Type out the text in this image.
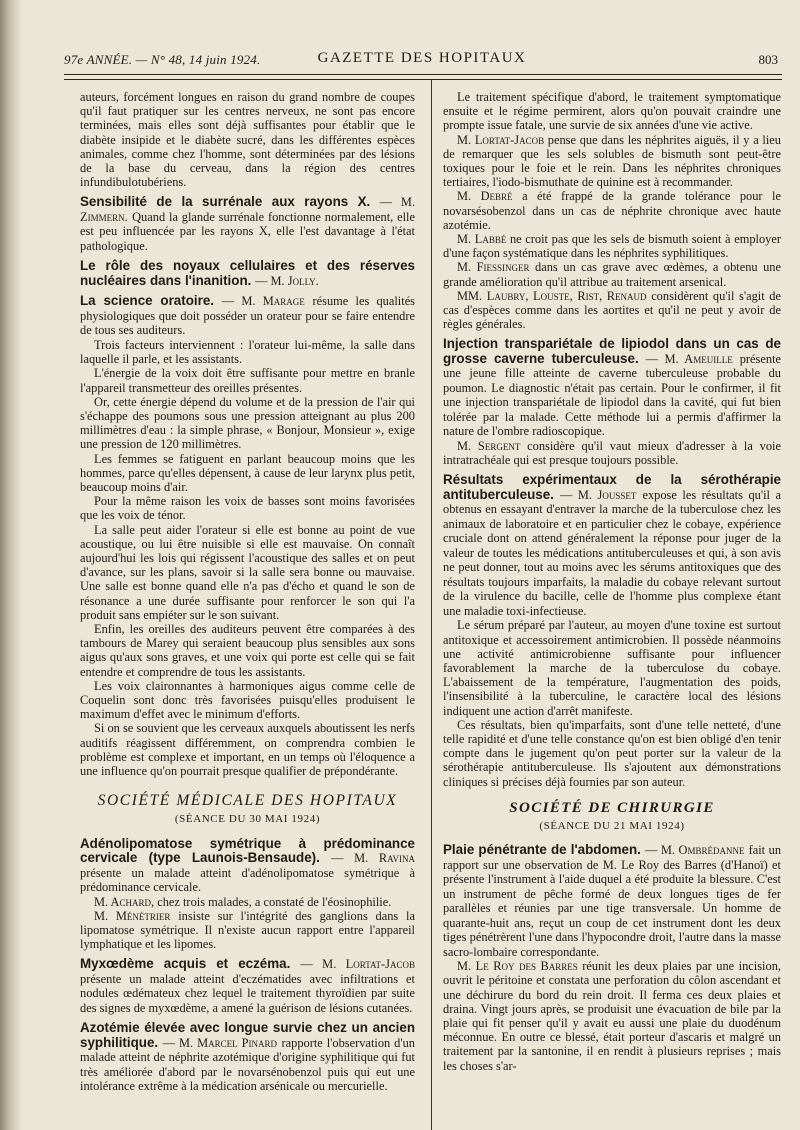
97e ANNÉE. — N° 48, 14 juin 1924.	GAZETTE DES HOPITAUX	803

auteurs, forcément longues en raison du grand nombre de coupes qu'il faut pratiquer sur les centres nerveux, ne sont pas encore terminées, mais elles sont déjà suffisantes pour établir que le diabète insipide et le diabète sucré, dans les différentes espèces animales, comme chez l'homme, sont déterminées par des lésions de la base du cerveau, dans la région des centres infundibulotubériens.

Sensibilité de la surrénale aux rayons X. — M. Zimmern. Quand la glande surrénale fonctionne normalement, elle est peu influencée par les rayons X, elle l'est davantage à l'état pathologique.
Le rôle des noyaux cellulaires et des réserves nucléaires dans l'inanition. — M. Jolly.
La science oratoire. — M. Marage résume les qualités physiologiques que doit posséder un orateur pour se faire entendre de tous ses auditeurs.

Trois facteurs interviennent : l'orateur lui-même, la salle dans laquelle il parle, et les assistants.

L'énergie de la voix doit être suffisante pour mettre en branle l'appareil transmetteur des oreilles présentes.

Or, cette énergie dépend du volume et de la pression de l'air qui s'échappe des poumons sous une pression atteignant au plus 200 millimètres d'eau : la simple phrase, « Bonjour, Monsieur », exige une pression de 120 millimètres.

Les femmes se fatiguent en parlant beaucoup moins que les hommes, parce qu'elles dépensent, à cause de leur larynx plus petit, beaucoup moins d'air.

Pour la même raison les voix de basses sont moins favorisées que les voix de ténor.

La salle peut aider l'orateur si elle est bonne au point de vue acoustique, ou lui être nuisible si elle est mauvaise. On connaît aujourd'hui les lois qui régissent l'acoustique des salles et on peut d'avance, sur les plans, savoir si la salle sera bonne ou mauvaise. Une salle est bonne quand elle n'a pas d'écho et quand le son de résonance a une durée suffisante pour renforcer le son qui l'a produit sans empiéter sur le son suivant.

Enfin, les oreilles des auditeurs peuvent être comparées à des tambours de Marey qui seraient beaucoup plus sensibles aux sons aigus qu'aux sons graves, et une voix qui porte est celle qui se fait entendre et comprendre de tous les assistants.

Les voix claironnantes à harmoniques aigus comme celle de Coquelin sont donc très favorisées puisqu'elles produisent le maximum d'effet avec le minimum d'efforts.

Si on se souvient que les cerveaux auxquels aboutissent les nerfs auditifs réagissent différemment, on comprendra combien le problème est complexe et important, en un temps où l'éloquence a une influence qu'on pourrait presque qualifier de prépondérante.

SOCIÉTÉ MÉDICALE DES HOPITAUX
(SÉANCE DU 30 MAI 1924)
Adénolipomatose symétrique à prédominance cervicale (type Launois-Bensaude). — M. Ravina présente un malade atteint d'adénolipomatose symétrique à prédominance cervicale.

M. Achard, chez trois malades, a constaté de l'éosinophilie.

M. Ménétrier insiste sur l'intégrité des ganglions dans la lipomatose symétrique. Il n'existe aucun rapport entre l'appareil lymphatique et les lipomes.

Myxœdème acquis et eczéma. — M. Lortat-Jacob présente un malade atteint d'eczématides avec infiltrations et nodules œdémateux chez lequel le traitement thyroïdien par suite des signes de myxœdème, a amené la guérison de lésions cutanées.
Azotémie élevée avec longue survie chez un ancien syphilitique. — M. Marcel Pinard rapporte l'observation d'un malade atteint de néphrite azotémique d'origine syphilitique qui fut très améliorée d'abord par le novarsénobenzol puis qui eut une intolérance extrême à la médication arsénicale ou mercurielle.

Le traitement spécifique d'abord, le traitement symptomatique ensuite et le régime permirent, alors qu'on pouvait craindre une prompte issue fatale, une survie de six années d'une vie active.

M. Lortat-Jacob pense que dans les néphrites aiguës, il y a lieu de remarquer que les sels solubles de bismuth sont peut-être toxiques pour le foie et le rein. Dans les néphrites chroniques tertiaires, l'iodo-bismuthate de quinine est à recommander.

M. Debré a été frappé de la grande tolérance pour le novarsésobenzol dans un cas de néphrite chronique avec haute azotémie.

M. Labbé ne croit pas que les sels de bismuth soient à employer d'une façon systématique dans les néphrites syphilitiques.

M. Fiessinger dans un cas grave avec œdèmes, a obtenu une grande amélioration qu'il attribue au traitement arsenical.

MM. Laubry, Louste, Rist, Renaud considèrent qu'il s'agit de cas d'espèces comme dans les aortites et qu'il ne peut y avoir de règles générales.

Injection transpariétale de lipiodol dans un cas de grosse caverne tuberculeuse. — M. Ameuille présente une jeune fille atteinte de caverne tuberculeuse probable du poumon. Le diagnostic n'était pas certain. Pour le confirmer, il fit une injection transpariétale de lipiodol dans la cavité, qui fut bien tolérée par la malade. Cette méthode lui a permis d'affirmer la nature de l'ombre radioscopique.

M. Sergent considère qu'il vaut mieux d'adresser à la voie intratrachéale qui est presque toujours possible.

Résultats expérimentaux de la sérothérapie antituberculeuse. — M. Jousset expose les résultats qu'il a obtenus en essayant d'entraver la marche de la tuberculose chez les animaux de laboratoire et en particulier chez le cobaye, expérience cruciale dont on attend généralement la réponse pour juger de la valeur de toutes les médications antituberculeuses et qui, à son avis ne peut donner, tout au moins avec les sérums antitoxiques que des résultats toujours imparfaits, la maladie du cobaye relevant surtout de la virulence du bacille, celle de l'homme plus complexe étant une maladie toxi-infectieuse.

Le sérum préparé par l'auteur, au moyen d'une toxine est surtout antitoxique et accessoirement antimicrobien. Il possède néanmoins une activité antimicrobienne suffisante pour influencer favorablement la marche de la tuberculose du cobaye. L'abaissement de la température, l'augmentation des poids, l'insensibilité à la tuberculine, le caractère local des lésions indiquent une action d'arrêt manifeste.

Ces résultats, bien qu'imparfaits, sont d'une telle netteté, d'une telle rapidité et d'une telle constance qu'on est bien obligé d'en tenir compte dans le jugement qu'on peut porter sur la valeur de la sérothérapie antituberculeuse. Ils s'ajoutent aux démonstrations cliniques si précises déjà fournies par son auteur.

SOCIÉTÉ DE CHIRURGIE
(SÉANCE DU 21 MAI 1924)
Plaie pénétrante de l'abdomen. — M. Ombrédanne fait un rapport sur une observation de M. Le Roy des Barres (d'Hanoï) et présente l'instrument à l'aide duquel a été produite la blessure. C'est un instrument de pêche formé de deux longues tiges de fer parallèles et réunies par une tige transversale. Un homme de quarante-huit ans, reçut un coup de cet instrument dont les deux tiges pénétrèrent l'une dans l'hypocondre droit, l'autre dans la masse sacro-lombaire correspondante.

M. Le Roy des Barres réunit les deux plaies par une incision, ouvrit le péritoine et constata une perforation du côlon ascendant et une déchirure du bord du rein droit. Il ferma ces deux plaies et draina. Vingt jours après, se produisit une évacuation de bile par la plaie qui fit penser qu'il y avait eu aussi une plaie du duodénum méconnue. En outre ce blessé, était porteur d'ascaris et malgré un traitement par la santonine, il en rendit à plusieurs reprises ; mais les choses s'ar-
